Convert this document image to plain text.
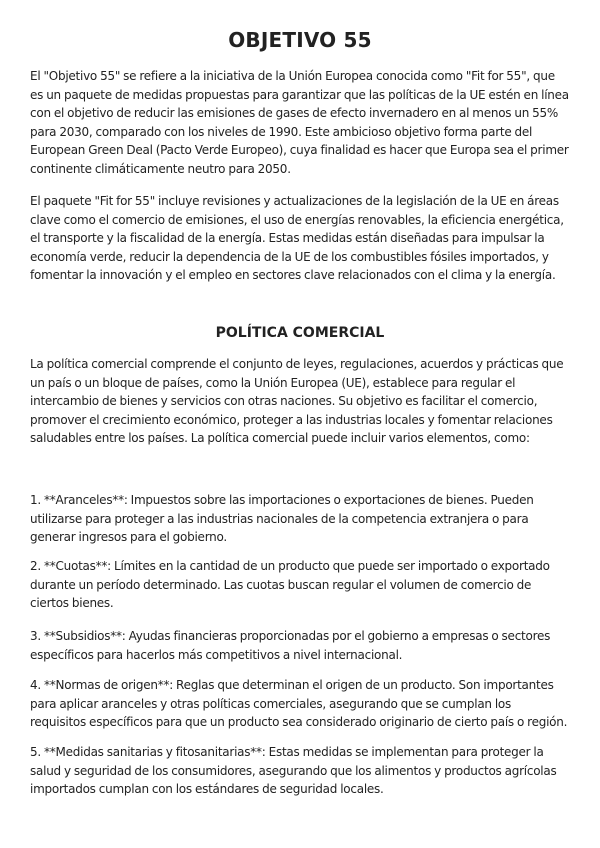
OBJETIVO 55

El "Objetivo 55" se refiere a la iniciativa de la Unión Europea conocida como "Fit for 55", que es un paquete de medidas propuestas para garantizar que las políticas de la UE estén en línea con el objetivo de reducir las emisiones de gases de efecto invernadero en al menos un 55% para 2030, comparado con los niveles de 1990. Este ambicioso objetivo forma parte del European Green Deal (Pacto Verde Europeo), cuya finalidad es hacer que Europa sea el primer continente climáticamente neutro para 2050.

El paquete "Fit for 55" incluye revisiones y actualizaciones de la legislación de la UE en áreas clave como el comercio de emisiones, el uso de energías renovables, la eficiencia energética, el transporte y la fiscalidad de la energía. Estas medidas están diseñadas para impulsar la economía verde, reducir la dependencia de la UE de los combustibles fósiles importados, y fomentar la innovación y el empleo en sectores clave relacionados con el clima y la energía.

POLÍTICA COMERCIAL

La política comercial comprende el conjunto de leyes, regulaciones, acuerdos y prácticas que un país o un bloque de países, como la Unión Europea (UE), establece para regular el intercambio de bienes y servicios con otras naciones. Su objetivo es facilitar el comercio, promover el crecimiento económico, proteger a las industrias locales y fomentar relaciones saludables entre los países. La política comercial puede incluir varios elementos, como:

1. **Aranceles**: Impuestos sobre las importaciones o exportaciones de bienes. Pueden utilizarse para proteger a las industrias nacionales de la competencia extranjera o para generar ingresos para el gobierno.

2. **Cuotas**: Límites en la cantidad de un producto que puede ser importado o exportado durante un período determinado. Las cuotas buscan regular el volumen de comercio de ciertos bienes.

3. **Subsidios**: Ayudas financieras proporcionadas por el gobierno a empresas o sectores específicos para hacerlos más competitivos a nivel internacional.

4. **Normas de origen**: Reglas que determinan el origen de un producto. Son importantes para aplicar aranceles y otras políticas comerciales, asegurando que se cumplan los requisitos específicos para que un producto sea considerado originario de cierto país o región.

5. **Medidas sanitarias y fitosanitarias**: Estas medidas se implementan para proteger la salud y seguridad de los consumidores, asegurando que los alimentos y productos agrícolas importados cumplan con los estándares de seguridad locales.
